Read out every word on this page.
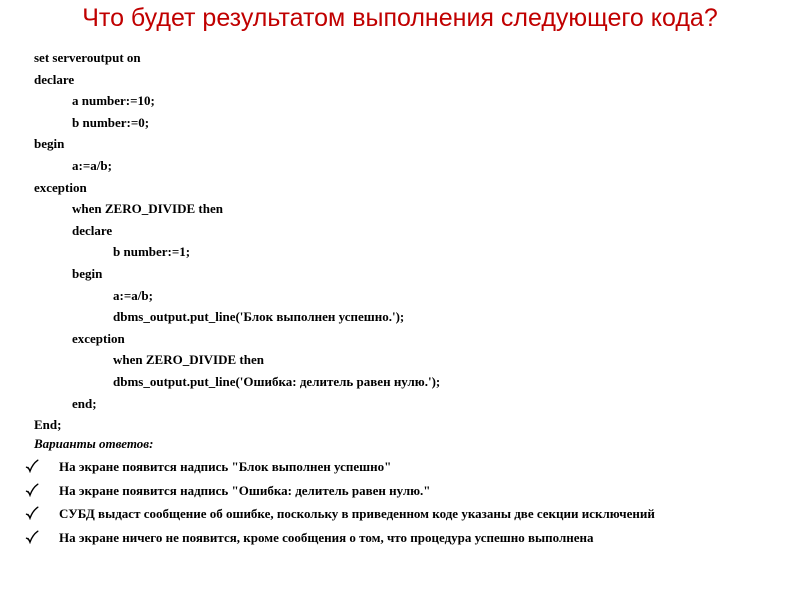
Что будет результатом выполнения следующего кода?
set serveroutput on
declare
a number:=10;
b number:=0;
begin
a:=a/b;
exception
when ZERO_DIVIDE then
declare
b number:=1;
begin
a:=a/b;
dbms_output.put_line('Блок выполнен успешно.');
exception
when ZERO_DIVIDE then
dbms_output.put_line('Ошибка: делитель равен нулю.');
end;
End;
Варианты ответов:
На экране появится надпись "Блок выполнен успешно"
На экране появится надпись "Ошибка: делитель равен нулю."
СУБД выдаст сообщение об ошибке, поскольку в приведенном коде указаны две секции исключений
На экране ничего не появится, кроме сообщения о том, что процедура успешно выполнена
